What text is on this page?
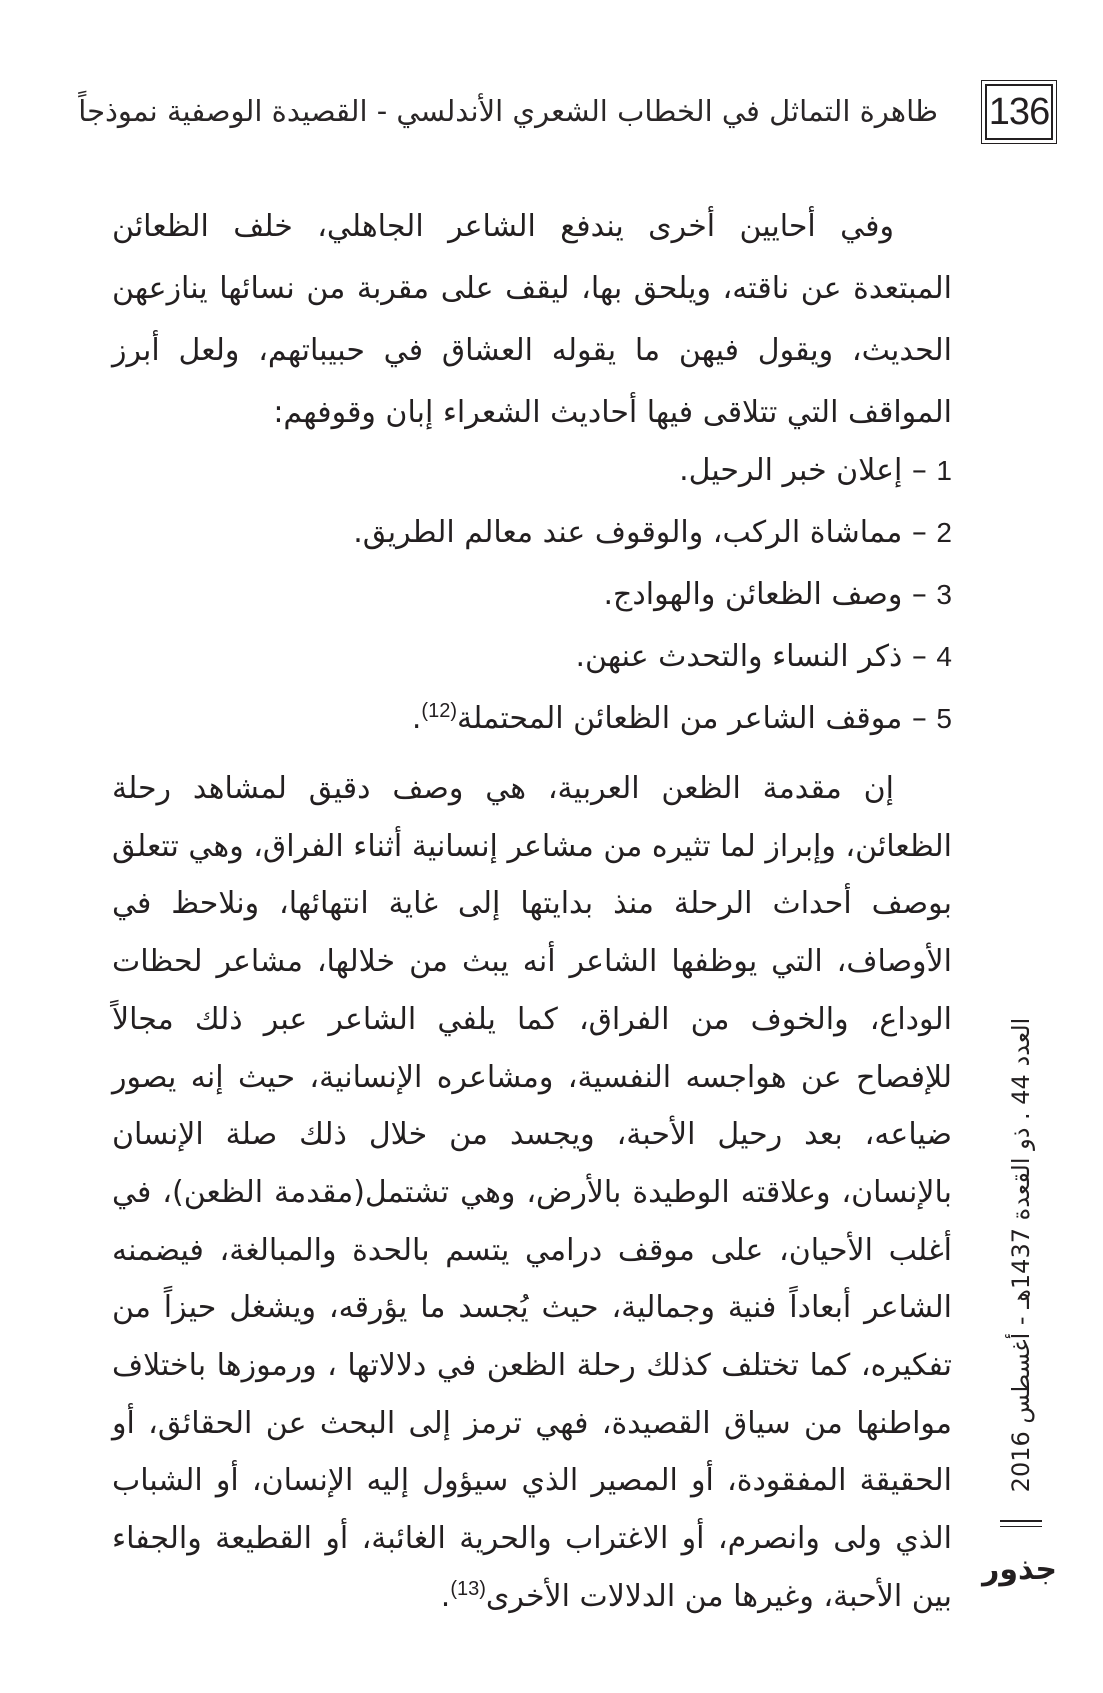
136
ظاهرة التماثل في الخطاب الشعري الأندلسي - القصيدة الوصفية نموذجاً

وفي أحايين أخرى يندفع الشاعر الجاهلي، خلف الظعائن المبتعدة عن ناقته، ويلحق بها، ليقف على مقربة من نسائها ينازعهن الحديث، ويقول فيهن ما يقوله العشاق في حبيباتهم، ولعل أبرز المواقف التي تتلاقى فيها أحاديث الشعراء إبان وقوفهم:

1 – إعلان خبر الرحيل.
2 – مماشاة الركب، والوقوف عند معالم الطريق.
3 – وصف الظعائن والهوادج.
4 – ذكر النساء والتحدث عنهن.
5 – موقف الشاعر من الظعائن المحتملة$^{(12)}$.

إن مقدمة الظعن العربية، هي وصف دقيق لمشاهد رحلة الظعائن، وإبراز لما تثيره من مشاعر إنسانية أثناء الفراق، وهي تتعلق بوصف أحداث الرحلة منذ بدايتها إلى غاية انتهائها، ونلاحظ في الأوصاف، التي يوظفها الشاعر أنه يبث من خلالها، مشاعر لحظات الوداع، والخوف من الفراق، كما يلفي الشاعر عبر ذلك مجالاً للإفصاح عن هواجسه النفسية، ومشاعره الإنسانية، حيث إنه يصور ضياعه، بعد رحيل الأحبة، ويجسد من خلال ذلك صلة الإنسان بالإنسان، وعلاقته الوطيدة بالأرض، وهي تشتمل(مقدمة الظعن)، في أغلب الأحيان، على موقف درامي يتسم بالحدة والمبالغة، فيضمنه الشاعر أبعاداً فنية وجمالية، حيث يُجسد ما يؤرقه، ويشغل حيزاً من تفكيره، كما تختلف كذلك رحلة الظعن في دلالاتها ، ورموزها باختلاف مواطنها من سياق القصيدة، فهي ترمز إلى البحث عن الحقائق، أو الحقيقة المفقودة، أو المصير الذي سيؤول إليه الإنسان، أو الشباب الذي ولى وانصرم، أو الاغتراب والحرية الغائبة، أو القطيعة والجفاء بين الأحبة، وغيرها من الدلالات الأخرى$^{(13)}$.

العدد 44 . ذو القعدة 1437هـ - أغسطس 2016
جذور
